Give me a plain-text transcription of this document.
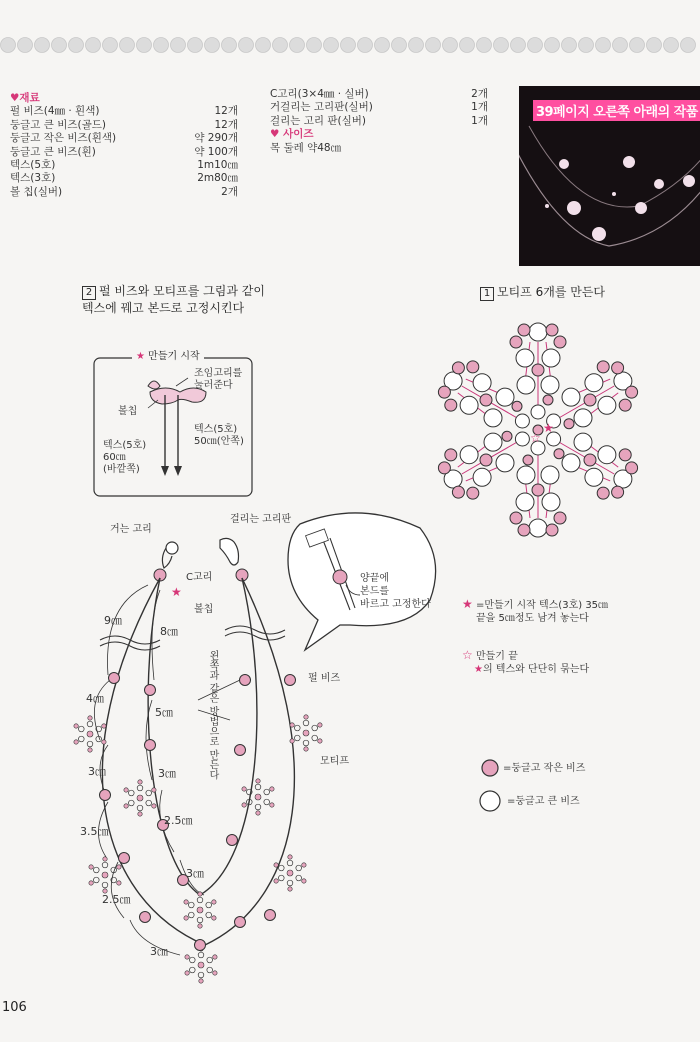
♥재료
펄 비즈(4㎜ · 흰색)	12개
둥글고 큰 비즈(골드)	12개
둥글고 작은 비즈(흰색)	약 290개
둥글고 큰 비즈(흰)	약 100개
텍스(5호)	1m10㎝
텍스(3호)	2m80㎝
볼 칩(실버)	2개
C고리(3×4㎜ · 실버)	2개
거걸리는 고리판(실버)	1개
걸리는 고리 판(실버)	1개
♥ 사이즈
목 둘레 약48㎝
39페이지 오른쪽 아래의 작품
2 펄 비즈와 모티프를 그림과 같이
텍스에 꿰고 본드로 고정시킨다
1 모티프 6개를 만든다
★
☆
★ 만들기 시작
조임고리를
눌러준다
볼칩
텍스(5호)
50㎝(안쪽)
텍스(5호)
60㎝
(바깥쪽)
거는 고리
걸리는 고리판
C고리
★
볼칩
펄 비즈
모티프
왼쪽과 같은 방법으로 만든다
양끝에
본드를
바르고 고정한다
9㎝
8㎝
4㎝
5㎝
3㎝	3㎝
3.5㎝
2.5㎝
3㎝
2.5㎝
3㎝
★ =만들기 시작 텍스(3호) 35㎝
끝을 5㎝정도 남겨 놓는다
☆ 만들기 끝
★의 텍스와 단단히 묶는다
=둥글고 작은 비즈
=둥글고 큰 비즈
106
